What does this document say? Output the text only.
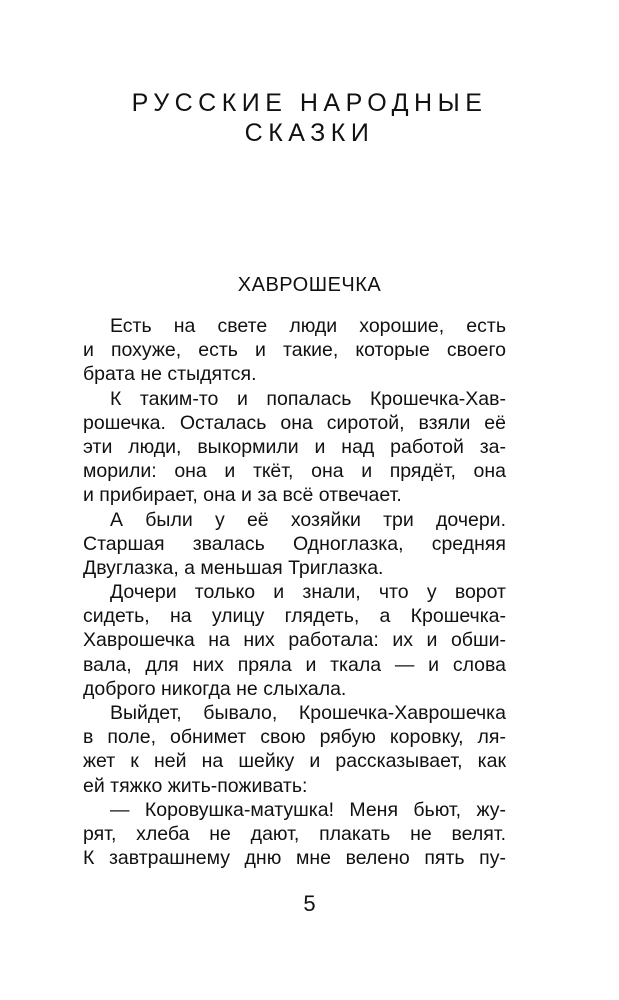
РУССКИЕ НАРОДНЫЕ
СКАЗКИ
ХАВРОШЕЧКА
Есть на свете люди хорошие, есть
и похуже, есть и такие, которые своего
брата не стыдятся.
К таким-то и попалась Крошечка-Хав-
рошечка. Осталась она сиротой, взяли её
эти люди, выкормили и над работой за-
морили: она и ткёт, она и прядёт, она
и прибирает, она и за всё отвечает.
А были у её хозяйки три дочери.
Старшая звалась Одноглазка, средняя
Двуглазка, а меньшая Триглазка.
Дочери только и знали, что у ворот
сидеть, на улицу глядеть, а Крошечка-
Хаврошечка на них работала: их и обши-
вала, для них пряла и ткала — и слова
доброго никогда не слыхала.
Выйдет, бывало, Крошечка-Хаврошечка
в поле, обнимет свою рябую коровку, ля-
жет к ней на шейку и рассказывает, как
ей тяжко жить-поживать:
— Коровушка-матушка! Меня бьют, жу-
рят, хлеба не дают, плакать не велят.
К завтрашнему дню мне велено пять пу-
5
